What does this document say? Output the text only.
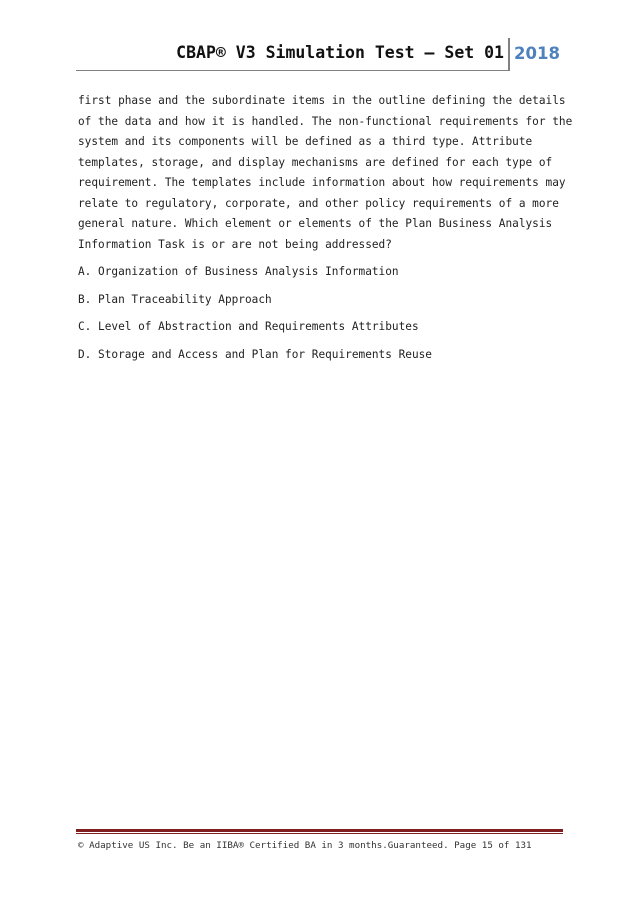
CBAP® V3 Simulation Test – Set 01 2018
first phase and the subordinate items in the outline defining the details
of the data and how it is handled. The non-functional requirements for the
system and its components will be defined as a third type. Attribute
templates, storage, and display mechanisms are defined for each type of
requirement. The templates include information about how requirements may
relate to regulatory, corporate, and other policy requirements of a more
general nature. Which element or elements of the Plan Business Analysis
Information Task is or are not being addressed?
A. Organization of Business Analysis Information
B. Plan Traceability Approach
C. Level of Abstraction and Requirements Attributes
D. Storage and Access and Plan for Requirements Reuse
© Adaptive US Inc. Be an IIBA® Certified BA in 3 months.Guaranteed. Page 15 of 131
